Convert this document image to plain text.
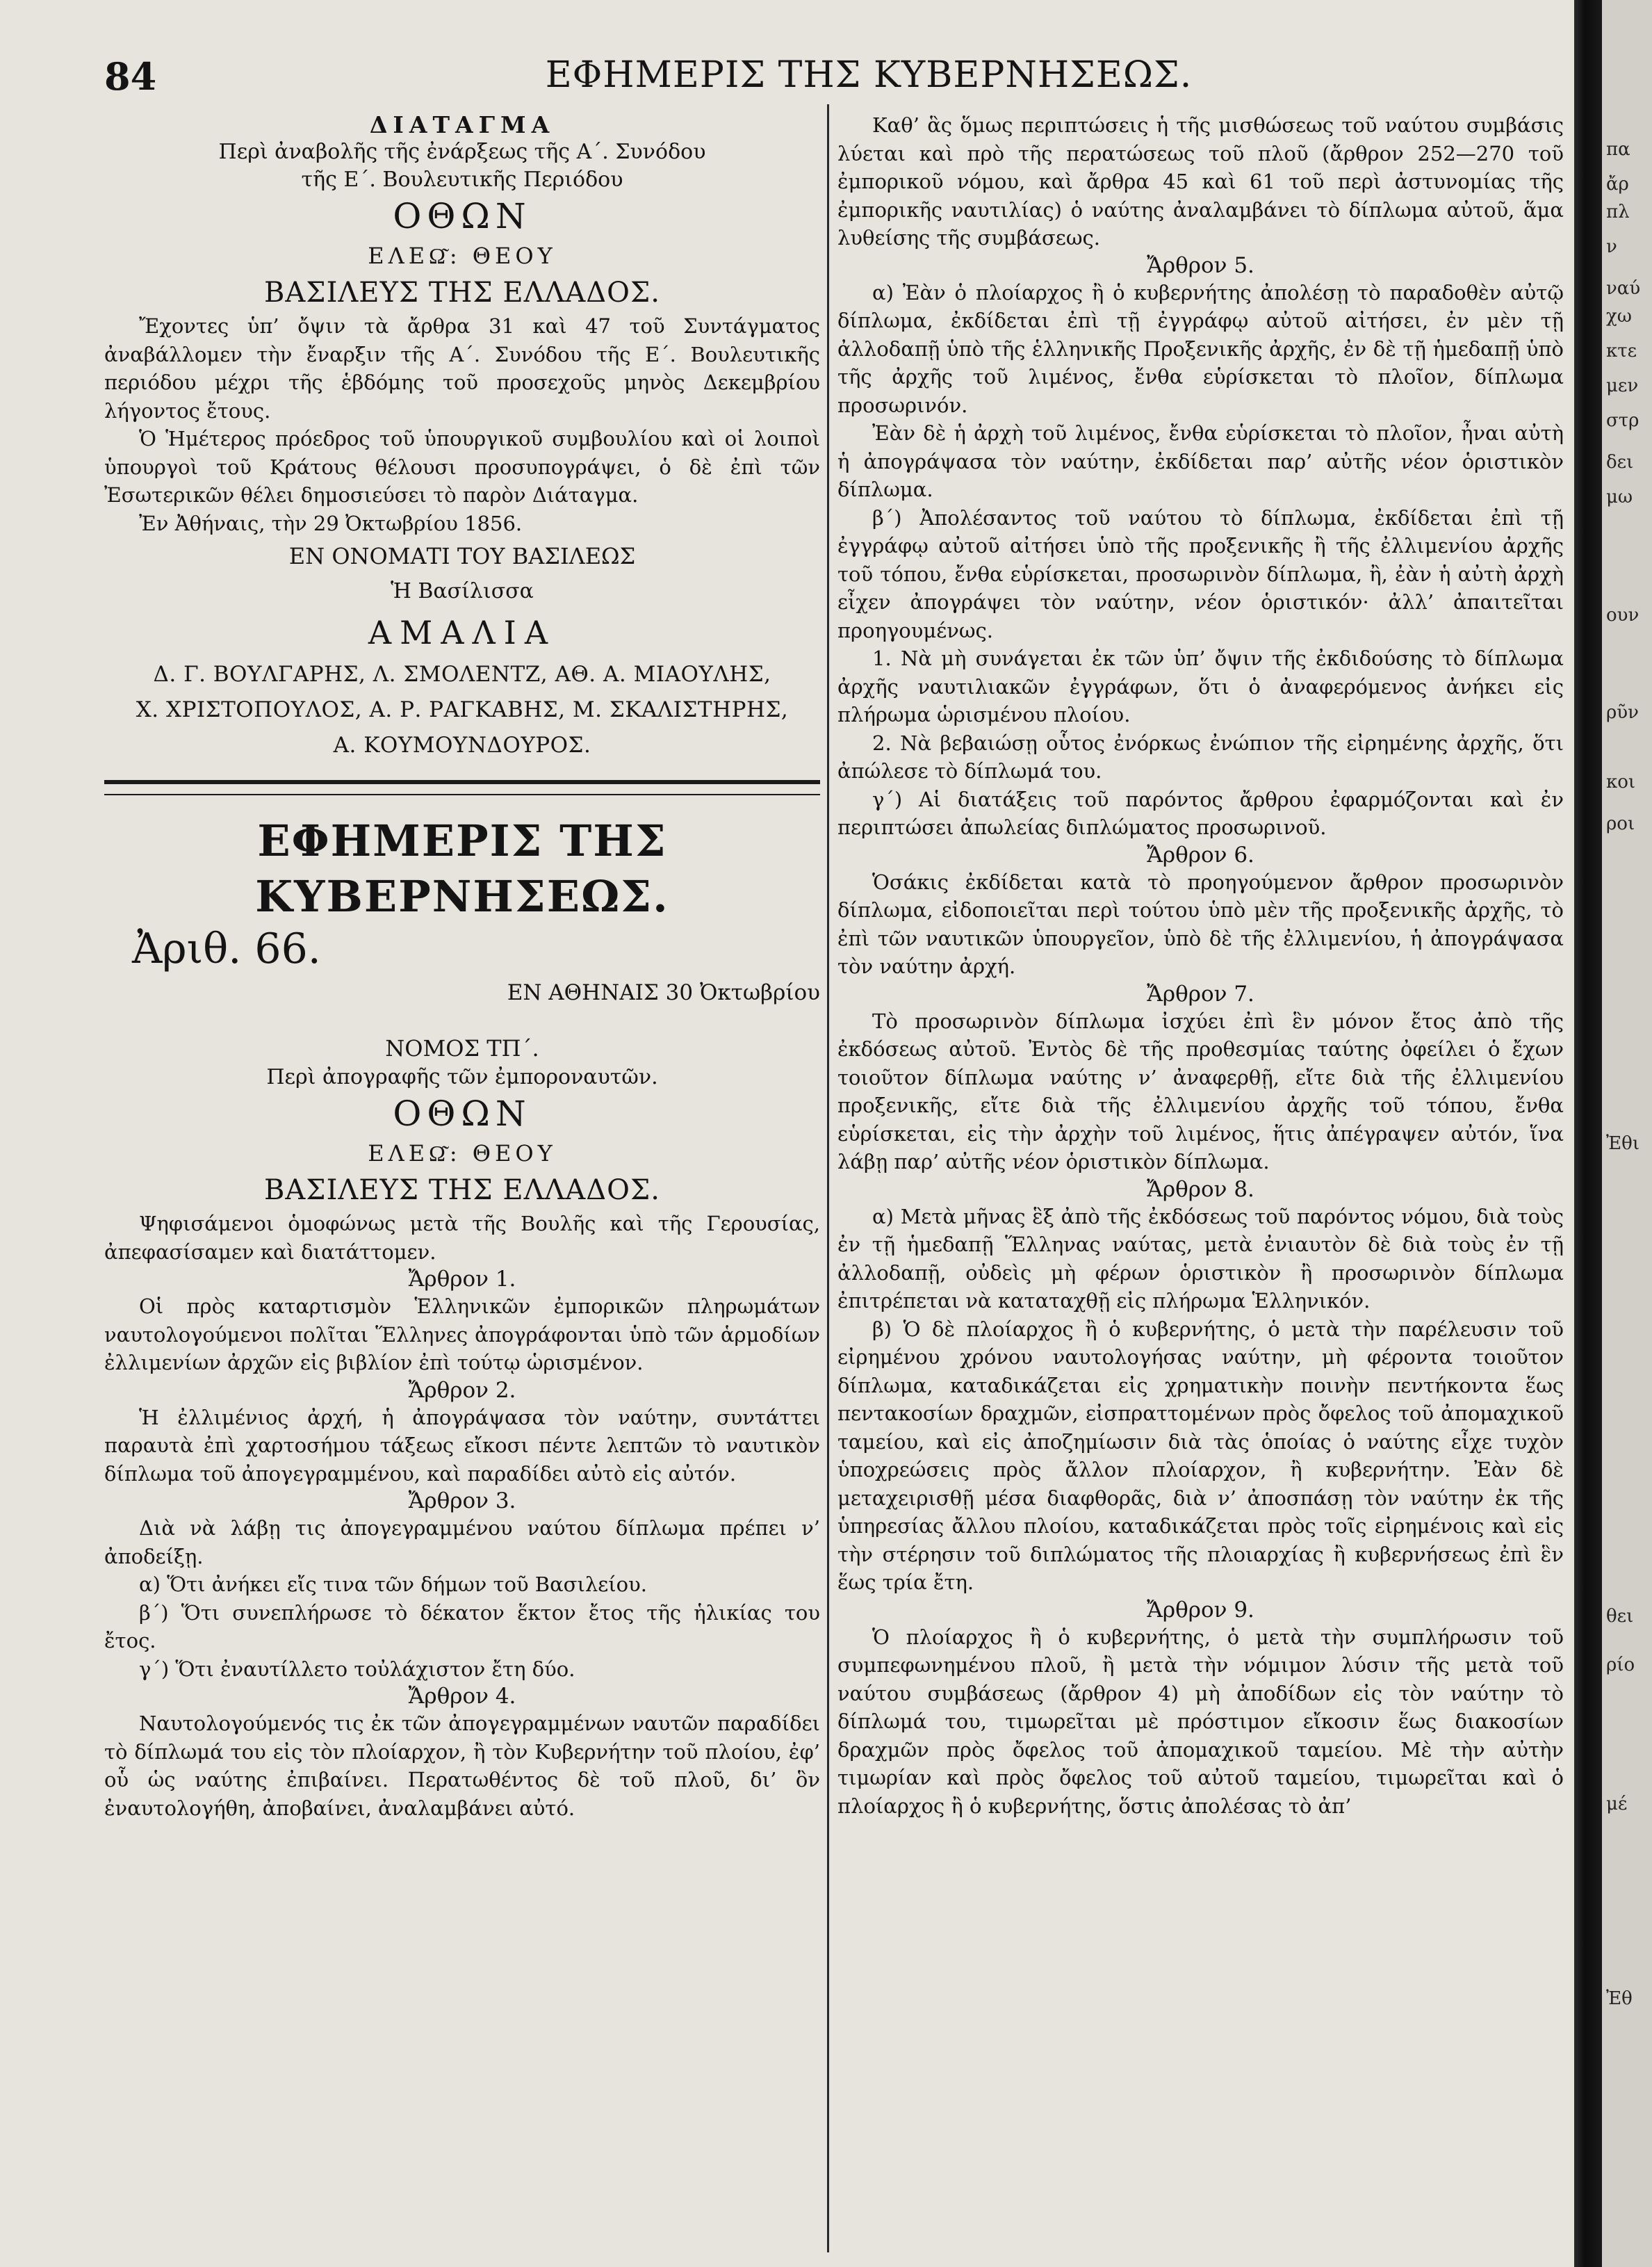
84	ΕΦΗΜΕΡΙΣ ΤΗΣ ΚΥΒΕΡΝΗΣΕΩΣ.
ΔΙΑΤΑΓΜΑ
Περὶ ἀναβολῆς τῆς ἐνάρξεως τῆς Α΄. Συνόδου
τῆς Ε΄. Βουλευτικῆς Περιόδου
ΟΘΩΝ
ΕΛΕΩ͂: ΘΕΟΥ
ΒΑΣΙΛΕΥΣ ΤΗΣ ΕΛΛΑΔΟΣ.

Ἔχοντες ὑπ’ ὄψιν τὰ ἄρθρα 31 καὶ 47 τοῦ Συντάγματος ἀναβάλλομεν τὴν ἔναρξιν τῆς Α΄. Συνόδου τῆς Ε΄. Βουλευτικῆς περιόδου μέχρι τῆς ἑβδόμης τοῦ προσεχοῦς μηνὸς Δεκεμβρίου λήγοντος ἔτους.

Ὁ Ἡμέτερος πρόεδρος τοῦ ὑπουργικοῦ συμβουλίου καὶ οἱ λοιποὶ ὑπουργοὶ τοῦ Κράτους θέλουσι προσυπογράψει, ὁ δὲ ἐπὶ τῶν Ἐσωτερικῶν θέλει δημοσιεύσει τὸ παρὸν Διάταγμα.

Ἐν Ἀθήναις, τὴν 29 Ὀκτωβρίου 1856.

ΕΝ ΟΝΟΜΑΤΙ ΤΟΥ ΒΑΣΙΛΕΩΣ
Ἡ Βασίλισσα
ΑΜΑΛΙΑ
Δ. Γ. ΒΟΥΛΓΑΡΗΣ, Λ. ΣΜΟΛΕΝΤΖ, ΑΘ. Α. ΜΙΑΟΥΛΗΣ,
Χ. ΧΡΙΣΤΟΠΟΥΛΟΣ, Α. Ρ. ΡΑΓΚΑΒΗΣ, Μ. ΣΚΑΛΙΣΤΗΡΗΣ,
Α. ΚΟΥΜΟΥΝΔΟΥΡΟΣ.
ΕΦΗΜΕΡΙΣ ΤΗΣ ΚΥΒΕΡΝΗΣΕΩΣ.
Ἀριθ. 66.
ΕΝ ΑΘΗΝΑΙΣ 30 Ὀκτωβρίου
ΝΟΜΟΣ ΤΠ΄.
Περὶ ἀπογραφῆς τῶν ἐμποροναυτῶν.
ΟΘΩΝ
ΕΛΕΩ͂: ΘΕΟΥ
ΒΑΣΙΛΕΥΣ ΤΗΣ ΕΛΛΑΔΟΣ.

Ψηφισάμενοι ὁμοφώνως μετὰ τῆς Βουλῆς καὶ τῆς Γερουσίας, ἀπεφασίσαμεν καὶ διατάττομεν.

Ἄρθρον 1.

Οἱ πρὸς καταρτισμὸν Ἑλληνικῶν ἐμπορικῶν πληρωμάτων ναυτολογούμενοι πολῖται Ἕλληνες ἀπογράφονται ὑπὸ τῶν ἁρμοδίων ἐλλιμενίων ἀρχῶν εἰς βιβλίον ἐπὶ τούτῳ ὡρισμένον.

Ἄρθρον 2.

Ἡ ἐλλιμένιος ἀρχή, ἡ ἀπογράψασα τὸν ναύτην, συντάττει παραυτὰ ἐπὶ χαρτοσήμου τάξεως εἴκοσι πέντε λεπτῶν τὸ ναυτικὸν δίπλωμα τοῦ ἀπογεγραμμένου, καὶ παραδίδει αὐτὸ εἰς αὐτόν.

Ἄρθρον 3.

Διὰ νὰ λάβῃ τις ἀπογεγραμμένου ναύτου δίπλωμα πρέπει ν’ ἀποδείξῃ.

α) Ὅτι ἀνήκει εἴς τινα τῶν δήμων τοῦ Βασιλείου.

β΄) Ὅτι συνεπλήρωσε τὸ δέκατον ἕκτον ἔτος τῆς ἡλικίας του ἔτος.

γ΄) Ὅτι ἐναυτίλλετο τοὐλάχιστον ἔτη δύο.

Ἄρθρον 4.

Ναυτολογούμενός τις ἐκ τῶν ἀπογεγραμμένων ναυτῶν παραδίδει τὸ δίπλωμά του εἰς τὸν πλοίαρχον, ἢ τὸν Κυβερνήτην τοῦ πλοίου, ἐφ’ οὗ ὡς ναύτης ἐπιβαίνει. Περατωθέντος δὲ τοῦ πλοῦ, δι’ ὃν ἐναυτολογήθη, ἀποβαίνει, ἀναλαμβάνει αὐτό.

Καθ’ ἃς ὅμως περιπτώσεις ἡ τῆς μισθώσεως τοῦ ναύτου συμβάσις λύεται καὶ πρὸ τῆς περατώσεως τοῦ πλοῦ (ἄρθρον 252—270 τοῦ ἐμπορικοῦ νόμου, καὶ ἄρθρα 45 καὶ 61 τοῦ περὶ ἀστυνομίας τῆς ἐμπορικῆς ναυτιλίας) ὁ ναύτης ἀναλαμβάνει τὸ δίπλωμα αὐτοῦ, ἅμα λυθείσης τῆς συμβάσεως.

Ἄρθρον 5.

α) Ἐὰν ὁ πλοίαρχος ἢ ὁ κυβερνήτης ἀπολέσῃ τὸ παραδοθὲν αὐτῷ δίπλωμα, ἐκδίδεται ἐπὶ τῇ ἐγγράφῳ αὐτοῦ αἰτήσει, ἐν μὲν τῇ ἀλλοδαπῇ ὑπὸ τῆς ἑλληνικῆς Προξενικῆς ἀρχῆς, ἐν δὲ τῇ ἡμεδαπῇ ὑπὸ τῆς ἀρχῆς τοῦ λιμένος, ἔνθα εὑρίσκεται τὸ πλοῖον, δίπλωμα προσωρινόν.

Ἐὰν δὲ ἡ ἀρχὴ τοῦ λιμένος, ἔνθα εὑρίσκεται τὸ πλοῖον, ἦναι αὐτὴ ἡ ἀπογράψασα τὸν ναύτην, ἐκδίδεται παρ’ αὐτῆς νέον ὁριστικὸν δίπλωμα.

β΄) Ἀπολέσαντος τοῦ ναύτου τὸ δίπλωμα, ἐκδίδεται ἐπὶ τῇ ἐγγράφῳ αὐτοῦ αἰτήσει ὑπὸ τῆς προξενικῆς ἢ τῆς ἐλλιμενίου ἀρχῆς τοῦ τόπου, ἔνθα εὑρίσκεται, προσωρινὸν δίπλωμα, ἢ, ἐὰν ἡ αὐτὴ ἀρχὴ εἶχεν ἀπογράψει τὸν ναύτην, νέον ὁριστικόν· ἀλλ’ ἀπαιτεῖται προηγουμένως.

1. Νὰ μὴ συνάγεται ἐκ τῶν ὑπ’ ὄψιν τῆς ἐκδιδούσης τὸ δίπλωμα ἀρχῆς ναυτιλιακῶν ἐγγράφων, ὅτι ὁ ἀναφερόμενος ἀνήκει εἰς πλήρωμα ὡρισμένου πλοίου.

2. Νὰ βεβαιώσῃ οὗτος ἐνόρκως ἐνώπιον τῆς εἰρημένης ἀρχῆς, ὅτι ἀπώλεσε τὸ δίπλωμά του.

γ΄) Αἱ διατάξεις τοῦ παρόντος ἄρθρου ἐφαρμόζονται καὶ ἐν περιπτώσει ἀπωλείας διπλώματος προσωρινοῦ.

Ἄρθρον 6.

Ὁσάκις ἐκδίδεται κατὰ τὸ προηγούμενον ἄρθρον προσωρινὸν δίπλωμα, εἰδοποιεῖται περὶ τούτου ὑπὸ μὲν τῆς προξενικῆς ἀρχῆς, τὸ ἐπὶ τῶν ναυτικῶν ὑπουργεῖον, ὑπὸ δὲ τῆς ἐλλιμενίου, ἡ ἀπογράψασα τὸν ναύτην ἀρχή.

Ἄρθρον 7.

Τὸ προσωρινὸν δίπλωμα ἰσχύει ἐπὶ ἓν μόνον ἔτος ἀπὸ τῆς ἐκδόσεως αὐτοῦ. Ἐντὸς δὲ τῆς προθεσμίας ταύτης ὀφείλει ὁ ἔχων τοιοῦτον δίπλωμα ναύτης ν’ ἀναφερθῇ, εἴτε διὰ τῆς ἐλλιμενίου προξενικῆς, εἴτε διὰ τῆς ἐλλιμενίου ἀρχῆς τοῦ τόπου, ἔνθα εὑρίσκεται, εἰς τὴν ἀρχὴν τοῦ λιμένος, ἥτις ἀπέγραψεν αὐτόν, ἵνα λάβῃ παρ’ αὐτῆς νέον ὁριστικὸν δίπλωμα.

Ἄρθρον 8.

α) Μετὰ μῆνας ἓξ ἀπὸ τῆς ἐκδόσεως τοῦ παρόντος νόμου, διὰ τοὺς ἐν τῇ ἡμεδαπῇ Ἕλληνας ναύτας, μετὰ ἐνιαυτὸν δὲ διὰ τοὺς ἐν τῇ ἀλλοδαπῇ, οὐδεὶς μὴ φέρων ὁριστικὸν ἢ προσωρινὸν δίπλωμα ἐπιτρέπεται νὰ καταταχθῇ εἰς πλήρωμα Ἑλληνικόν.

β) Ὁ δὲ πλοίαρχος ἢ ὁ κυβερνήτης, ὁ μετὰ τὴν παρέλευσιν τοῦ εἰρημένου χρόνου ναυτολογήσας ναύτην, μὴ φέροντα τοιοῦτον δίπλωμα, καταδικάζεται εἰς χρηματικὴν ποινὴν πεντήκοντα ἕως πεντακοσίων δραχμῶν, εἰσπραττομένων πρὸς ὄφελος τοῦ ἀπομαχικοῦ ταμείου, καὶ εἰς ἀποζημίωσιν διὰ τὰς ὁποίας ὁ ναύτης εἶχε τυχὸν ὑποχρεώσεις πρὸς ἄλλον πλοίαρχον, ἢ κυβερνήτην. Ἐὰν δὲ μεταχειρισθῇ μέσα διαφθορᾶς, διὰ ν’ ἀποσπάσῃ τὸν ναύτην ἐκ τῆς ὑπηρεσίας ἄλλου πλοίου, καταδικάζεται πρὸς τοῖς εἰρημένοις καὶ εἰς τὴν στέρησιν τοῦ διπλώματος τῆς πλοιαρχίας ἢ κυβερνήσεως ἐπὶ ἓν ἕως τρία ἔτη.

Ἄρθρον 9.

Ὁ πλοίαρχος ἢ ὁ κυβερνήτης, ὁ μετὰ τὴν συμπλήρωσιν τοῦ συμπεφωνημένου πλοῦ, ἢ μετὰ τὴν νόμιμον λύσιν τῆς μετὰ τοῦ ναύτου συμβάσεως (ἄρθρον 4) μὴ ἀποδίδων εἰς τὸν ναύτην τὸ δίπλωμά του, τιμωρεῖται μὲ πρόστιμον εἴκοσιν ἕως διακοσίων δραχμῶν πρὸς ὄφελος τοῦ ἀπομαχικοῦ ταμείου. Μὲ τὴν αὐτὴν τιμωρίαν καὶ πρὸς ὄφελος τοῦ αὐτοῦ ταμείου, τιμωρεῖται καὶ ὁ πλοίαρχος ἢ ὁ κυβερνήτης, ὅστις ἀπολέσας τὸ ἀπ’

πα
ἄρ
πλ
ν
ναύ
χω
κτε
μεν
στρ
δει
μω
ουν
ρῦν
κοι
ροι
Ἐθι
θει
ρίο
μέ
Ἐθ
